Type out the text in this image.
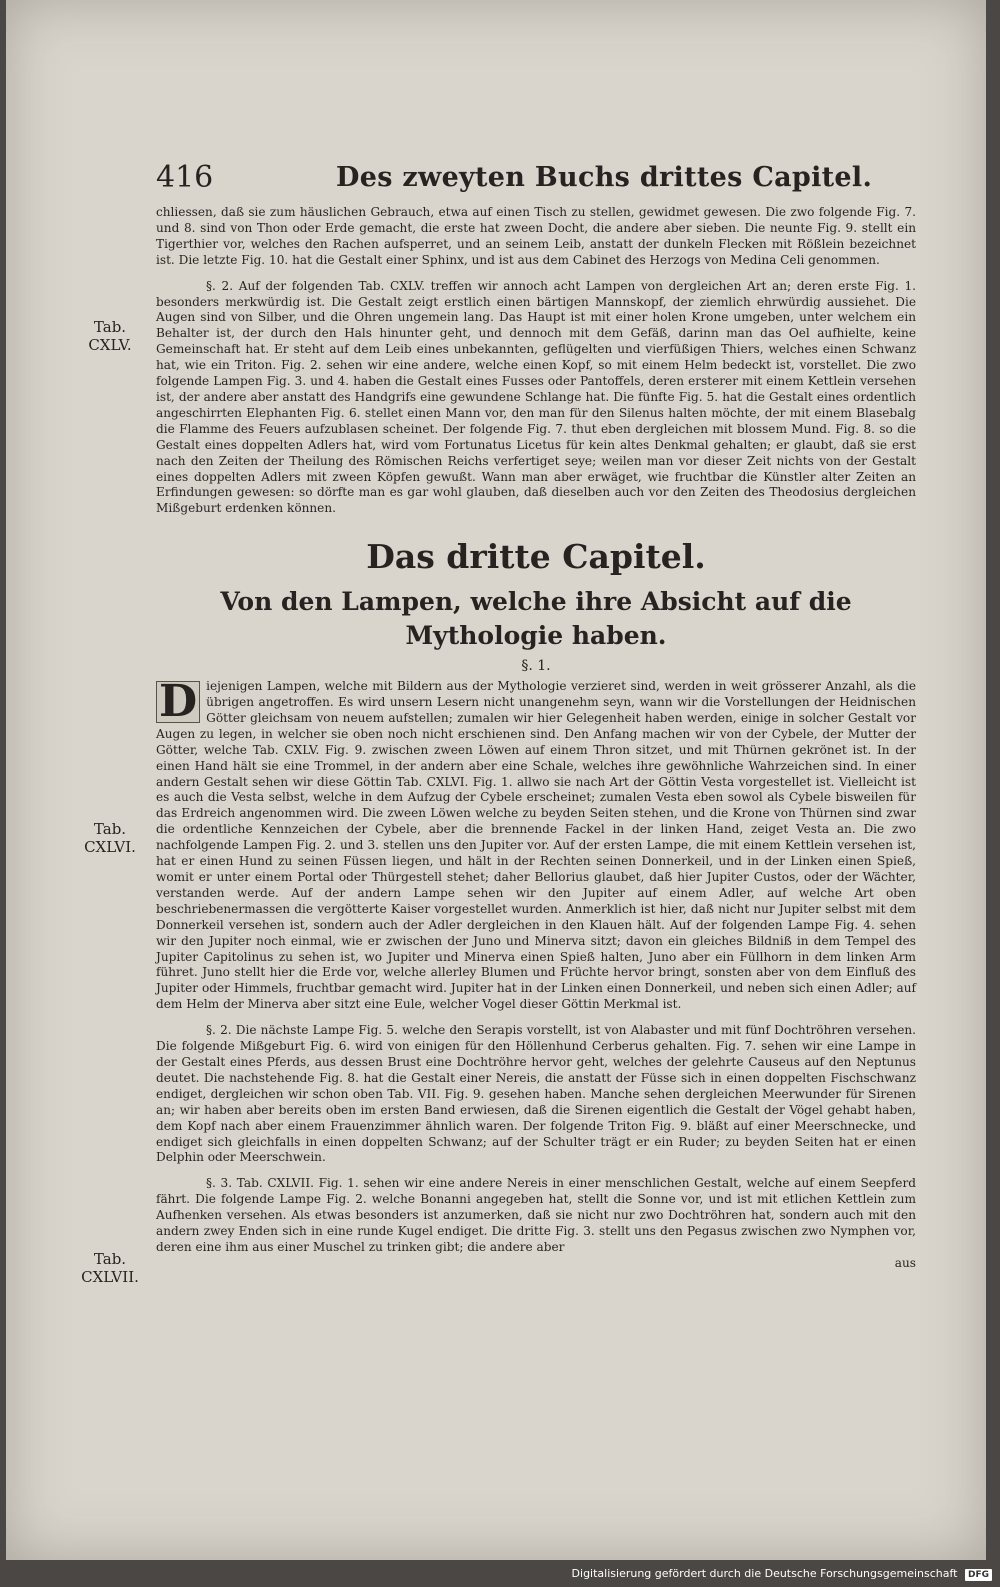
416	Des zweyten Buchs drittes Capitel.
Tab. CXLV.
Tab. CXLVI.
Tab. CXLVII.

chliessen, daß sie zum häuslichen Gebrauch, etwa auf einen Tisch zu stellen, gewidmet gewesen. Die zwo folgende Fig. 7. und 8. sind von Thon oder Erde gemacht, die erste hat zween Docht, die andere aber sieben. Die neunte Fig. 9. stellt ein Tigerthier vor, welches den Rachen aufsperret, und an seinem Leib, anstatt der dunkeln Flecken mit Rößlein bezeichnet ist. Die letzte Fig. 10. hat die Gestalt einer Sphinx, und ist aus dem Cabinet des Herzogs von Medina Celi genommen.

§. 2. Auf der folgenden Tab. CXLV. treffen wir annoch acht Lampen von dergleichen Art an; deren erste Fig. 1. besonders merkwürdig ist. Die Gestalt zeigt erstlich einen bärtigen Mannskopf, der ziemlich ehrwürdig aussiehet. Die Augen sind von Silber, und die Ohren ungemein lang. Das Haupt ist mit einer holen Krone umgeben, unter welchem ein Behalter ist, der durch den Hals hinunter geht, und dennoch mit dem Gefäß, darinn man das Oel aufhielte, keine Gemeinschaft hat. Er steht auf dem Leib eines unbekannten, geflügelten und vierfüßigen Thiers, welches einen Schwanz hat, wie ein Triton. Fig. 2. sehen wir eine andere, welche einen Kopf, so mit einem Helm bedeckt ist, vorstellet. Die zwo folgende Lampen Fig. 3. und 4. haben die Gestalt eines Fusses oder Pantoffels, deren ersterer mit einem Kettlein versehen ist, der andere aber anstatt des Handgrifs eine gewundene Schlange hat. Die fünfte Fig. 5. hat die Gestalt eines ordentlich angeschirrten Elephanten Fig. 6. stellet einen Mann vor, den man für den Silenus halten möchte, der mit einem Blasebalg die Flamme des Feuers aufzublasen scheinet. Der folgende Fig. 7. thut eben dergleichen mit blossem Mund. Fig. 8. so die Gestalt eines doppelten Adlers hat, wird vom Fortunatus Licetus für kein altes Denkmal gehalten; er glaubt, daß sie erst nach den Zeiten der Theilung des Römischen Reichs verfertiget seye; weilen man vor dieser Zeit nichts von der Gestalt eines doppelten Adlers mit zween Köpfen gewußt. Wann man aber erwäget, wie fruchtbar die Künstler alter Zeiten an Erfindungen gewesen: so dörfte man es gar wohl glauben, daß dieselben auch vor den Zeiten des Theodosius dergleichen Mißgeburt erdenken können.

Das dritte Capitel.
Von den Lampen, welche ihre Absicht auf die Mythologie haben.
§. 1.

D iejenigen Lampen, welche mit Bildern aus der Mythologie verzieret sind, werden in weit grösserer Anzahl, als die übrigen angetroffen. Es wird unsern Lesern nicht unangenehm seyn, wann wir die Vorstellungen der Heidnischen Götter gleichsam von neuem aufstellen; zumalen wir hier Gelegenheit haben werden, einige in solcher Gestalt vor Augen zu legen, in welcher sie oben noch nicht erschienen sind. Den Anfang machen wir von der Cybele, der Mutter der Götter, welche Tab. CXLV. Fig. 9. zwischen zween Löwen auf einem Thron sitzet, und mit Thürnen gekrönet ist. In der einen Hand hält sie eine Trommel, in der andern aber eine Schale, welches ihre gewöhnliche Wahrzeichen sind. In einer andern Gestalt sehen wir diese Göttin Tab. CXLVI. Fig. 1. allwo sie nach Art der Göttin Vesta vorgestellet ist. Vielleicht ist es auch die Vesta selbst, welche in dem Aufzug der Cybele erscheinet; zumalen Vesta eben sowol als Cybele bisweilen für das Erdreich angenommen wird. Die zween Löwen welche zu beyden Seiten stehen, und die Krone von Thürnen sind zwar die ordentliche Kennzeichen der Cybele, aber die brennende Fackel in der linken Hand, zeiget Vesta an. Die zwo nachfolgende Lampen Fig. 2. und 3. stellen uns den Jupiter vor. Auf der ersten Lampe, die mit einem Kettlein versehen ist, hat er einen Hund zu seinen Füssen liegen, und hält in der Rechten seinen Donnerkeil, und in der Linken einen Spieß, womit er unter einem Portal oder Thürgestell stehet; daher Bellorius glaubet, daß hier Jupiter Custos, oder der Wächter, verstanden werde. Auf der andern Lampe sehen wir den Jupiter auf einem Adler, auf welche Art oben beschriebenermassen die vergötterte Kaiser vorgestellet wurden. Anmerklich ist hier, daß nicht nur Jupiter selbst mit dem Donnerkeil versehen ist, sondern auch der Adler dergleichen in den Klauen hält. Auf der folgenden Lampe Fig. 4. sehen wir den Jupiter noch einmal, wie er zwischen der Juno und Minerva sitzt; davon ein gleiches Bildniß in dem Tempel des Jupiter Capitolinus zu sehen ist, wo Jupiter und Minerva einen Spieß halten, Juno aber ein Füllhorn in dem linken Arm führet. Juno stellt hier die Erde vor, welche allerley Blumen und Früchte hervor bringt, sonsten aber von dem Einfluß des Jupiter oder Himmels, fruchtbar gemacht wird. Jupiter hat in der Linken einen Donnerkeil, und neben sich einen Adler; auf dem Helm der Minerva aber sitzt eine Eule, welcher Vogel dieser Göttin Merkmal ist.

§. 2. Die nächste Lampe Fig. 5. welche den Serapis vorstellt, ist von Alabaster und mit fünf Dochtröhren versehen. Die folgende Mißgeburt Fig. 6. wird von einigen für den Höllenhund Cerberus gehalten. Fig. 7. sehen wir eine Lampe in der Gestalt eines Pferds, aus dessen Brust eine Dochtröhre hervor geht, welches der gelehrte Causeus auf den Neptunus deutet. Die nachstehende Fig. 8. hat die Gestalt einer Nereis, die anstatt der Füsse sich in einen doppelten Fischschwanz endiget, dergleichen wir schon oben Tab. VII. Fig. 9. gesehen haben. Manche sehen dergleichen Meerwunder für Sirenen an; wir haben aber bereits oben im ersten Band erwiesen, daß die Sirenen eigentlich die Gestalt der Vögel gehabt haben, dem Kopf nach aber einem Frauenzimmer ähnlich waren. Der folgende Triton Fig. 9. bläßt auf einer Meerschnecke, und endiget sich gleichfalls in einen doppelten Schwanz; auf der Schulter trägt er ein Ruder; zu beyden Seiten hat er einen Delphin oder Meerschwein.

§. 3. Tab. CXLVII. Fig. 1. sehen wir eine andere Nereis in einer menschlichen Gestalt, welche auf einem Seepferd fährt. Die folgende Lampe Fig. 2. welche Bonanni angegeben hat, stellt die Sonne vor, und ist mit etlichen Kettlein zum Aufhenken versehen. Als etwas besonders ist anzumerken, daß sie nicht nur zwo Dochtröhren hat, sondern auch mit den andern zwey Enden sich in eine runde Kugel endiget. Die dritte Fig. 3. stellt uns den Pegasus zwischen zwo Nymphen vor, deren eine ihm aus einer Muschel zu trinken gibt; die andere aber

aus
Digitalisierung gefördert durch die Deutsche Forschungsgemeinschaft DFG
